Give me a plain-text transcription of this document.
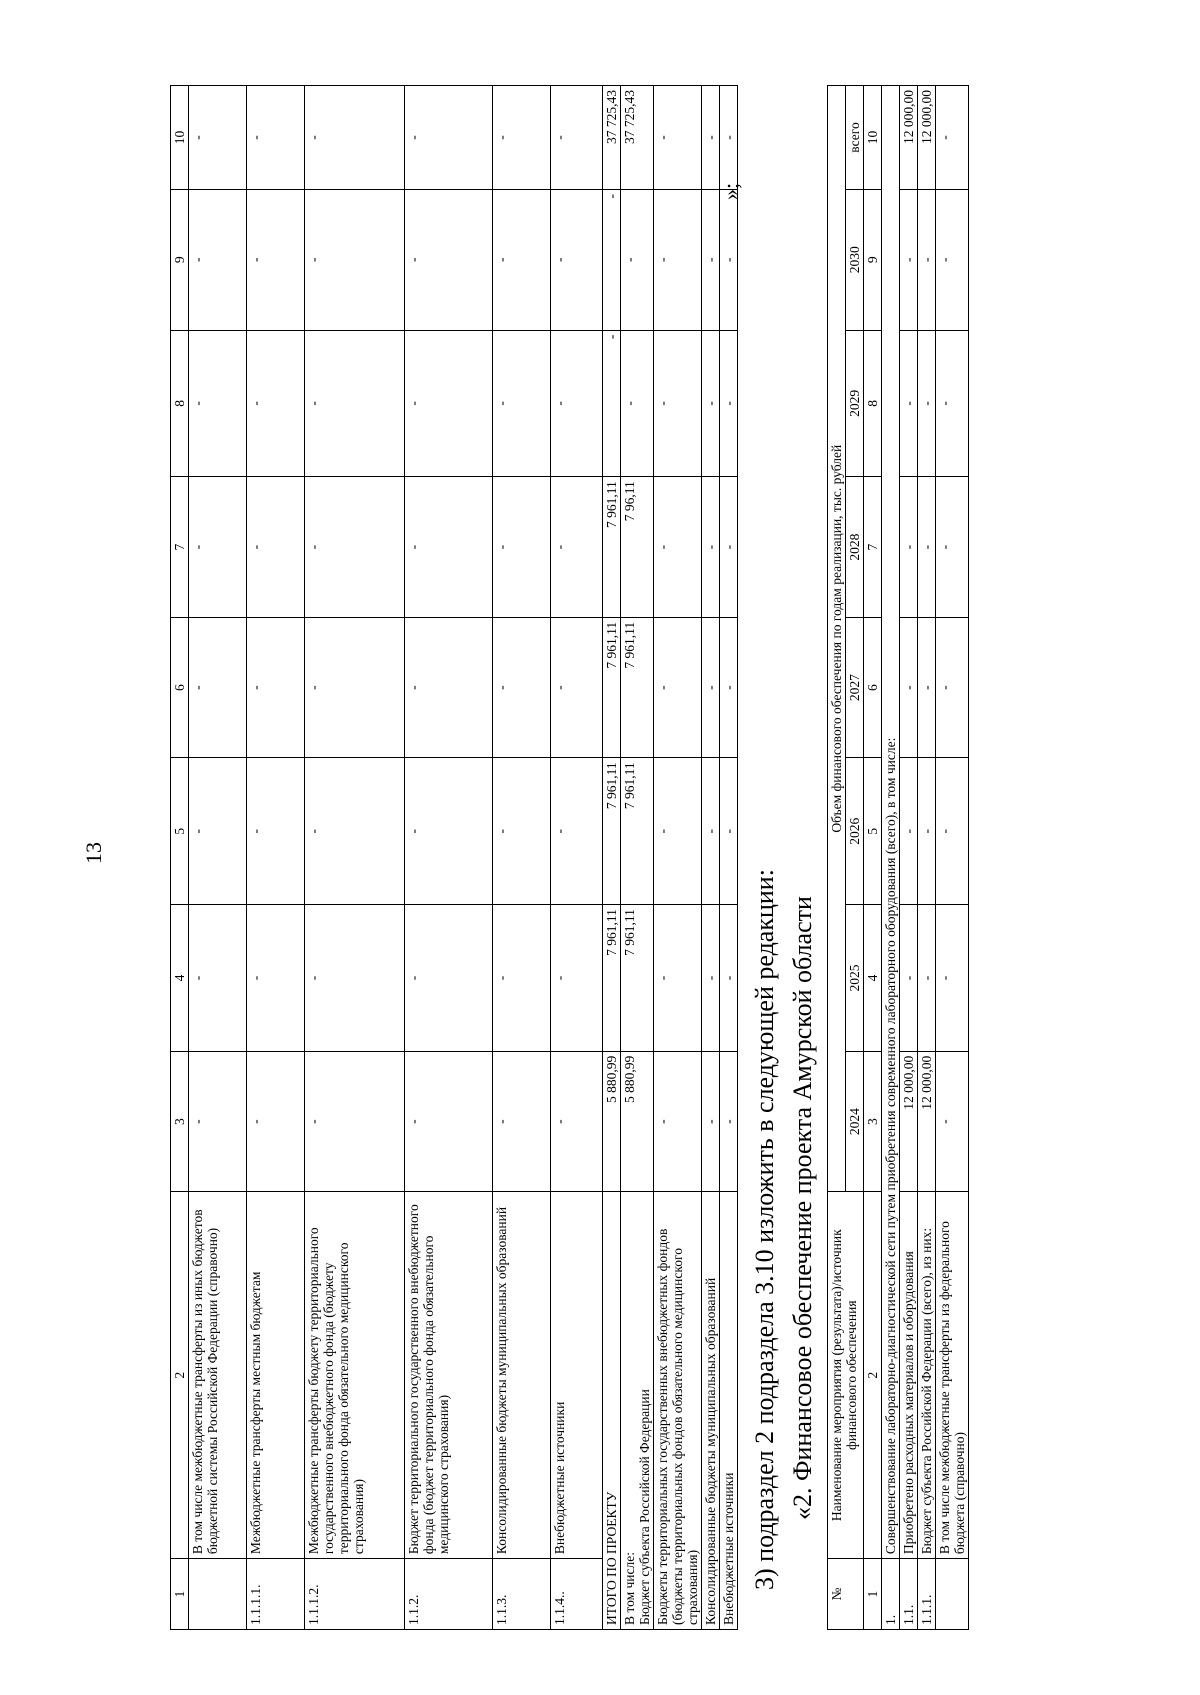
13
1	2	3	4	5	6	7	8	9	10
	В том числе межбюджетные трансферты из иных бюджетов бюджетной системы Российской Федерации (справочно)	-	-	-	-	-	-	-	-
1.1.1.1.	Межбюджетные трансферты местным бюджетам	-	-	-	-	-	-	-	-
1.1.1.2.	Межбюджетные трансферты бюджету территориального государственного внебюджетного фонда (бюджету территориального фонда обязательного медицинского страхования)	-	-	-	-	-	-	-	-
1.1.2.	Бюджет территориального государственного внебюджетного фонда (бюджет территориального фонда обязательного медицинского страхования)	-	-	-	-	-	-	-	-
1.1.3.	Консолидированные бюджеты муниципальных образований	-	-	-	-	-	-	-	-
1.1.4..	Внебюджетные источники	-	-	-	-	-	-	-	-
ИТОГО ПО ПРОЕКТУ		5 880,99	7 961,11	7 961,11	7 961,11	7 961,11	-	-	37 725,43
В том числе:
Бюджет субъекта Российской Федерации		5 880,99	7 961,11	7 961,11	7 961,11	7 96,11	-	-	37 725,43
Бюджеты территориальных государственных внебюджетных фондов (бюджеты территориальных фондов обязательного медицинского страхования)		-	-	-	-	-	-	-	-
Консолидированные бюджеты муниципальных образований		-	-	-	-	-	-	-	-
Внебюджетные источники		-	-	-	-	-	-	-	-
»;
3) подраздел 2 подраздела 3.10 изложить в следующей редакции: «2. Финансовое обеспечение проекта Амурской области
№	Наименование мероприятия (результата)/источник финансового обеспечения	Объем финансового обеспечения по годам реализации, тыс. рублей							
		2024	2025	2026	2027	2028	2029	2030	всего
1	2	3	4	5	6	7	8	9	10
1.	Совершенствование лабораторно-диагностической сети путем приобретения современного лабораторного оборудования (всего), в том числе:								
1.1.	Приобретено расходных материалов и оборудования	12 000,00	-	-	-	-	-	-	12 000,00
1.1.1.	Бюджет субъекта Российской Федерации (всего), из них:	12 000,00	-	-	-	-	-	-	12 000,00
	В том числе межбюджетные трансферты из федерального бюджета (справочно)	-	-	-	-	-	-	-	-
